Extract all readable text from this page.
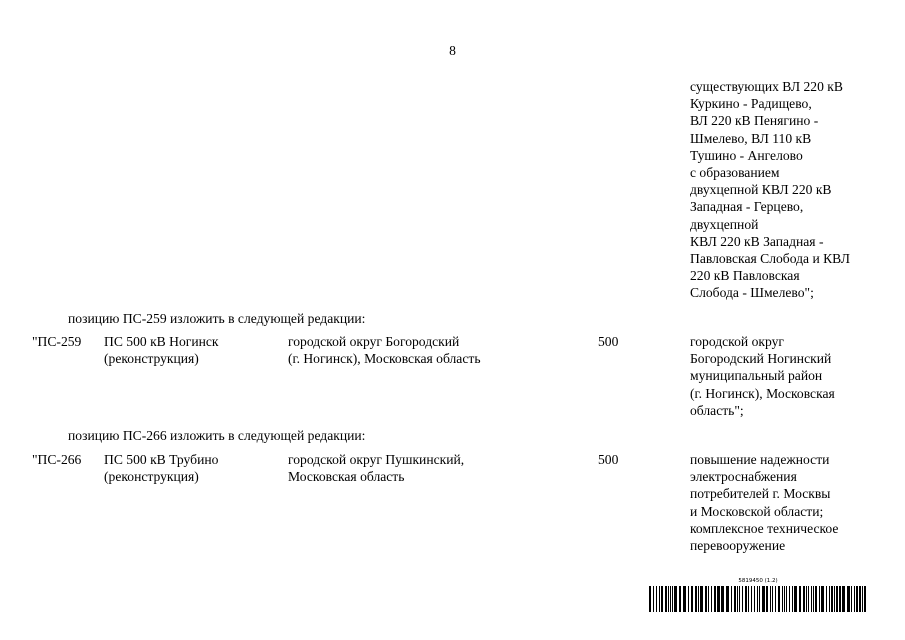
8
существующих ВЛ 220 кВ
Куркино - Радищево,
ВЛ 220 кВ Пенягино -
Шмелево, ВЛ 110 кВ
Тушино - Ангелово
с образованием
двухцепной КВЛ 220 кВ
Западная - Герцево,
двухцепной
КВЛ 220 кВ Западная -
Павловская Слобода и КВЛ
220 кВ Павловская
Слобода - Шмелево";
позицию ПС-259 изложить в следующей редакции:
"ПС-259 ПС 500 кВ Ногинск
(реконструкция)
городской округ Богородский
(г. Ногинск), Московская область
500	городской округ
Богородский Ногинский
муниципальный район
(г. Ногинск), Московская
область";
позицию ПС-266 изложить в следующей редакции:
"ПС-266 ПС 500 кВ Трубино
(реконструкция)
городской округ Пушкинский,
Московская область
500	повышение надежности
электроснабжения
потребителей г. Москвы
и Московской области;
комплексное техническое
перевооружение
5819450 (1.2)
